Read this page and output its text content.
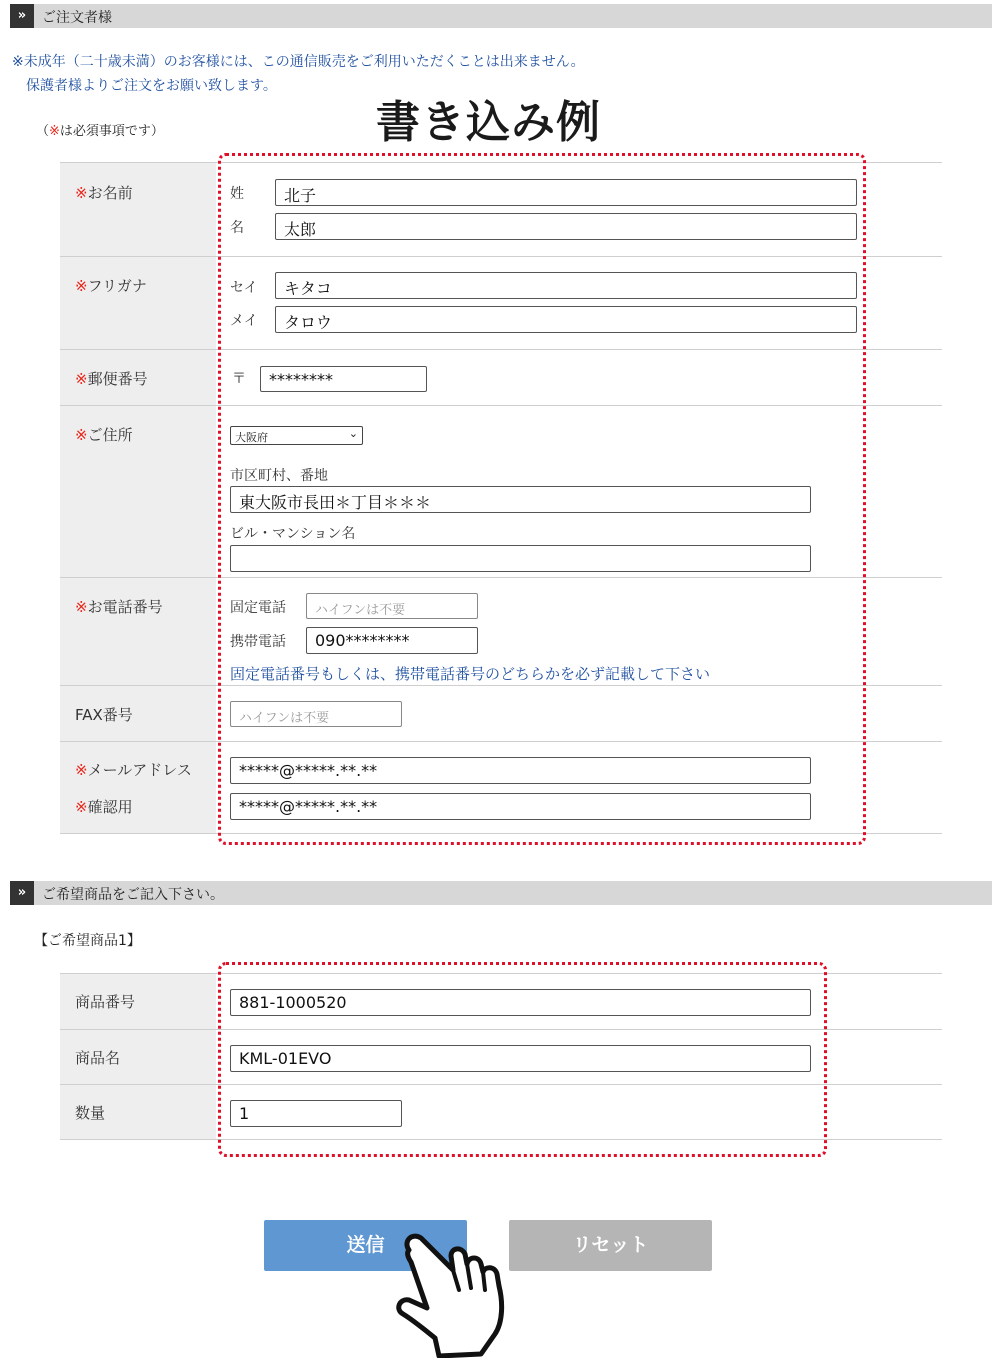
»	ご注文者様
※未成年（二十歳未満）のお客様には、この通信販売をご利用いただくことは出来ません。
保護者様よりご注文をお願い致します。
（※は必須事項です）	書き込み例
※お名前	姓	北子
名	太郎
※フリガナ	セイ	キタコ
メイ	タロウ
※郵便番号	〒	********
※ご住所	大阪府	⌄
市区町村、番地
東大阪市長田＊丁目＊＊＊
ビル・マンション名
※お電話番号	固定電話	ハイフンは不要
携帯電話	090********
固定電話番号もしくは、携帯電話番号のどちらかを必ず記載して下さい
FAX番号	ハイフンは不要
※メールアドレス	*****@*****.**.**
※確認用	*****@*****.**.**
»	ご希望商品をご記入下さい。
【ご希望商品1】
商品番号	881-1000520
商品名	KML-01EVO
数量	1
送信	リセット
